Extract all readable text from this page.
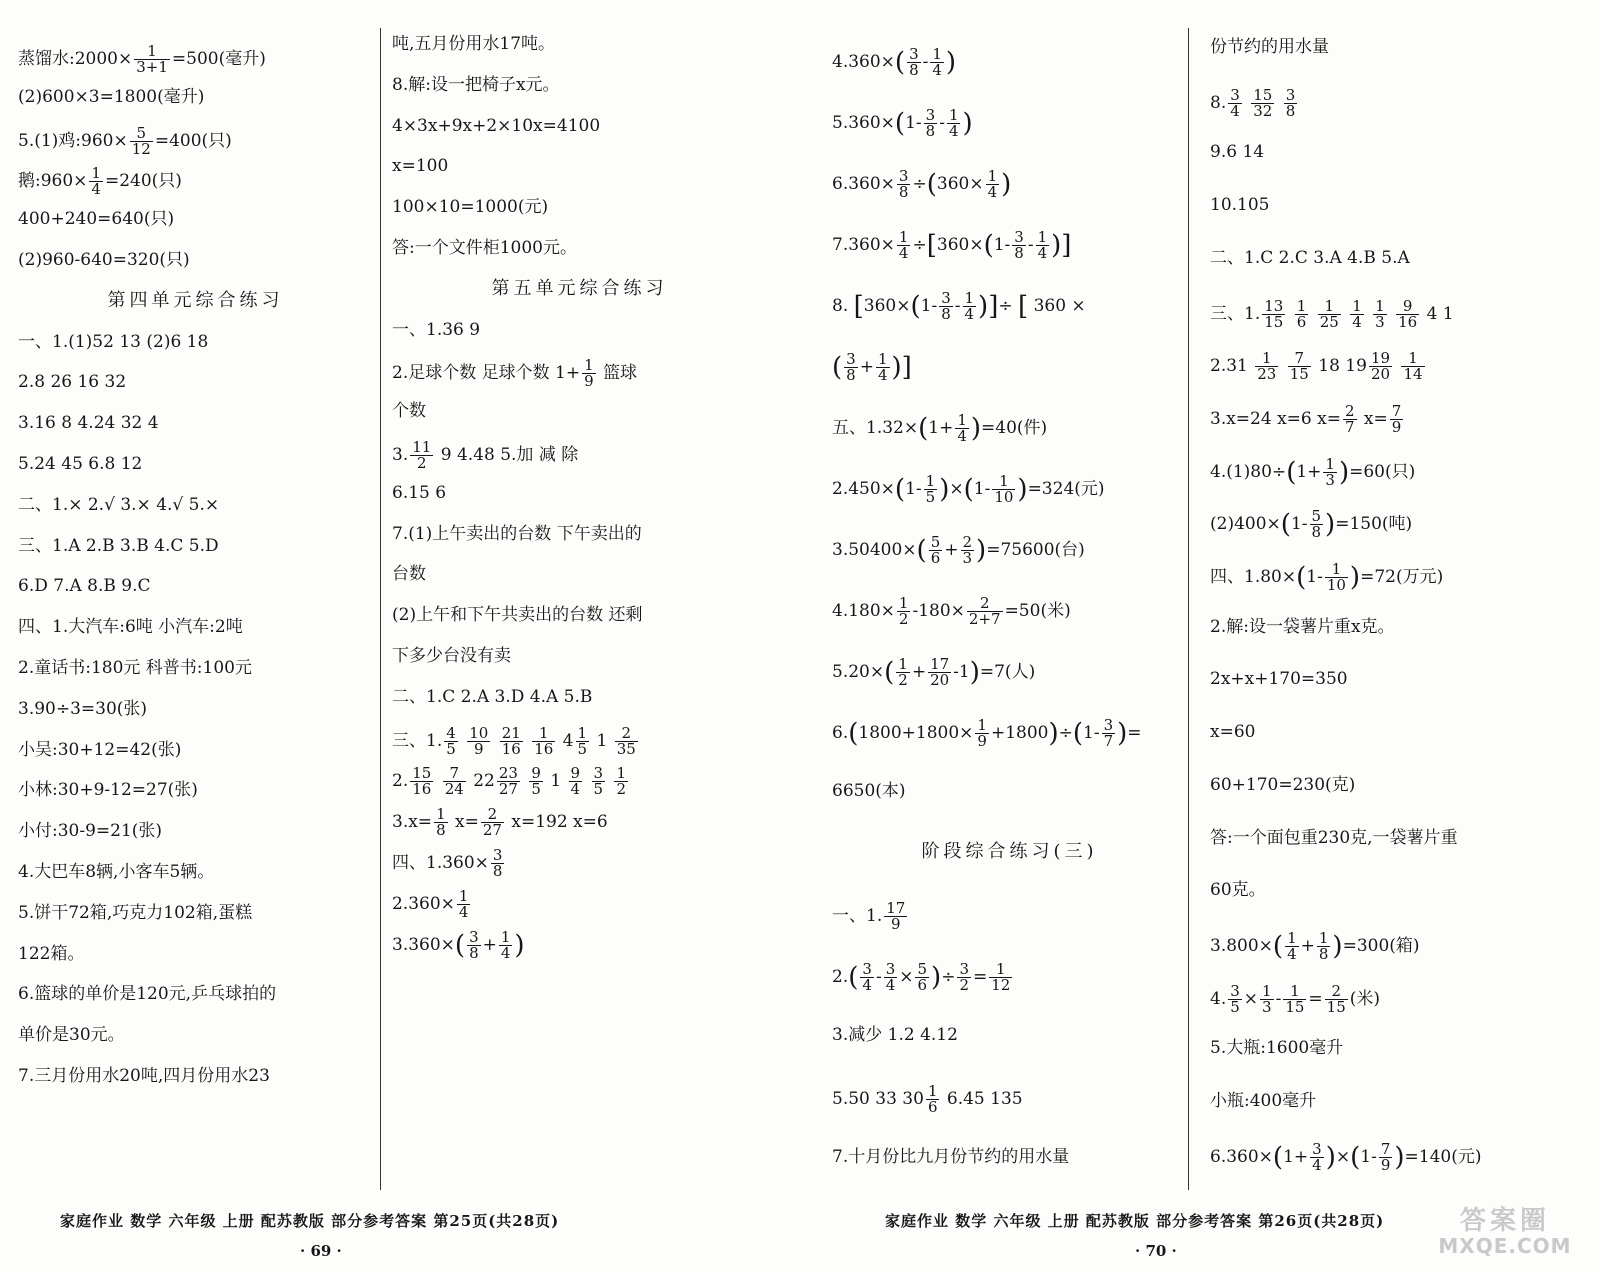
蒸馏水:2000× $\frac{1}{3+1} =500$(毫升)
(2)600×3=1800(毫升)
5.(1)鸡:960× $\frac{5}{12} =400$(只)
鹅:960× $\frac{1}{4} =240$(只)
400+240=640(只)
(2)960-640=320(只)
第四单元综合练习
一、1.(1)52 13 (2)6 18
2.8 26 16 32
3.16 8 4.24 32 4
5.24 45 6.8 12
二、1.× 2.√ 3.× 4.√ 5.×
三、1.A 2.B 3.B 4.C 5.D
6.D 7.A 8.B 9.C
四、1.大汽车:6吨 小汽车:2吨
2.童话书:180元 科普书:100元
3.90÷3=30(张)
小吴:30+12=42(张)
小林:30+9-12=27(张)
小付:30-9=21(张)
4.大巴车8辆,小客车5辆。
5.饼干72箱,巧克力102箱,蛋糕
122箱。
6.篮球的单价是120元,乒乓球拍的
单价是30元。
7.三月份用水20吨,四月份用水23
吨,五月份用水17吨。
8.解:设一把椅子x元。
4×3x+9x+2×10x=4100
x=100
100×10=1000(元)
答:一个文件柜1000元。
第五单元综合练习
一、1.36 9
2.足球个数 足球个数 $1+ \frac{1}{9}$ 篮球
个数
3. $\frac{11}{2} 9$ 4.48 5.加 减 除
6.15 6
7.(1)上午卖出的台数 下午卖出的
台数
(2)上午和下午共卖出的台数 还剩
下多少台没有卖
二、1.C 2.A 3.D 4.A 5.B
三、1. $\frac{4}{5}$
$\frac{10}{9}$
$\frac{21}{16}$
$\frac{1}{16} 4 \frac{1}{5} 1 \frac{2}{35}$
2. $\frac{15}{16}$
$\frac{7}{24} 22 \frac{23}{27}$
$\frac{9}{5} 1 \frac{9}{4}$
$\frac{3}{5}$
$\frac{1}{2}$
$3.x= \frac{1}{8} x= \frac{2}{27} x=192$ x=6
四、$1.360\times \frac{3}{8}$
$2.360\times \frac{1}{4}$
$3.360\times( \frac{3}{8} + \frac{1}{4}$ )
$4.360\times( \frac{3}{8} - \frac{1}{4}$ )
$5.360\times(1- \frac{3}{8} - \frac{1}{4}$ )
$6.360\times \frac{3}{8} \div(360\times \frac{1}{4}$ )
$7.360\times \frac{1}{4} \div[360\times(1- \frac{3}{8} - \frac{1}{4}$ )]
8. [$360\times(1- \frac{3}{8} - \frac{1}{4}$ )]÷ [ 360 ×
( $\frac{3}{8} + \frac{1}{4}$ )]
五、$1.32\times(1+ \frac{1}{4} )=40$(件)
$2.450\times(1- \frac{1}{5} )\times(1- \frac{1}{10} )=324$(元)
$3.50400\times( \frac{5}{6} + \frac{2}{3} )=75600$(台)
$4.180\times \frac{1}{2} -180\times \frac{2}{2+7} =50$(米)
$5.20\times( \frac{1}{2} + \frac{17}{20} -1)=7$(人)
$6.(1800+1800\times \frac{1}{9} +1800)\div(1- \frac{3}{7}$ )=
6650(本)
阶段综合练习(三)
一、1. $\frac{17}{9}$
$2.( \frac{3}{4} - \frac{3}{4} \times \frac{5}{6}$ )÷ $\frac{3}{2} = \frac{1}{12}$
3.减少 1.2 4.12
5.50 33 $30 \frac{1}{6} 6.45$ 135
7.十月份比九月份节约的用水量
份节约的用水量
8. $\frac{3}{4}$
$\frac{15}{32}$
$\frac{3}{8}$
9.6 14
10.105
二、1.C 2.C 3.A 4.B 5.A
三、1. $\frac{13}{15}$
$\frac{1}{6}$
$\frac{1}{25}$
$\frac{1}{4}$
$\frac{1}{3}$
$\frac{9}{16} 4$ 1
$2.31 \frac{1}{23}$
$\frac{7}{15} 18$ $19 \frac{19}{20}$
$\frac{1}{14}$
3.x=24 x=6 $x= \frac{2}{7} x= \frac{7}{9}$
$4.(1)80\div(1+ \frac{1}{3} )=60$(只)
$(2)400\times(1- \frac{5}{8} )=150$(吨)
四、$1.80\times(1- \frac{1}{10} )=72$(万元)
2.解:设一袋薯片重x克。
2x+x+170=350
x=60
60+170=230(克)
答:一个面包重230克,一袋薯片重
60克。
$3.800\times( \frac{1}{4} + \frac{1}{8} )=300$(箱)
4. $\frac{3}{5} \times \frac{1}{3} - \frac{1}{15} = \frac{2}{15}$ (米)
5.大瓶:1600毫升
小瓶:400毫升
$6.360\times(1+ \frac{3}{4} )\times(1- \frac{7}{9} )=140$(元)
家庭作业 数学 六年级 上册 配苏教版 部分参考答案 第25页(共28页)	家庭作业 数学 六年级 上册 配苏教版 部分参考答案 第26页(共28页)
· 69 ·	· 70 ·
答案圈
MXQE.COM
